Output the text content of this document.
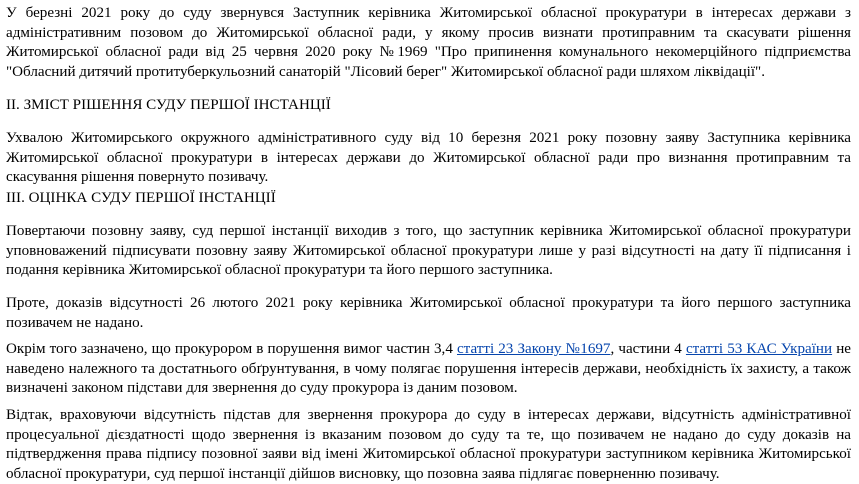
У березні 2021 року до суду звернувся Заступник керівника Житомирської обласної прокуратури в інтересах держави з адміністративним позовом до Житомирської обласної ради, у якому просив визнати протиправним та скасувати рішення Житомирської обласної ради від 25 червня 2020 року №1969 "Про припинення комунального некомерційного підприємства "Обласний дитячий протитуберкульозний санаторій "Лісовий берег" Житомирської обласної ради шляхом ліквідації".

II. ЗМІСТ РІШЕННЯ СУДУ ПЕРШОЇ ІНСТАНЦІЇ

Ухвалою Житомирського окружного адміністративного суду від 10 березня 2021 року позовну заяву Заступника керівника Житомирської обласної прокуратури в інтересах держави до Житомирської обласної ради про визнання протиправним та скасування рішення повернуто позивачу.

III. ОЦІНКА СУДУ ПЕРШОЇ ІНСТАНЦІЇ

Повертаючи позовну заяву, суд першої інстанції виходив з того, що заступник керівника Житомирської обласної прокуратури уповноважений підписувати позовну заяву Житомирської обласної прокуратури лише у разі відсутності на дату її підписання і подання керівника Житомирської обласної прокуратури та його першого заступника.

Проте, доказів відсутності 26 лютого 2021 року керівника Житомирської обласної прокуратури та його першого заступника позивачем не надано.

Окрім того зазначено, що прокурором в порушення вимог частин 3,4 статті 23 Закону №1697, частини 4 статті 53 КАС України не наведено належного та достатнього обґрунтування, в чому полягає порушення інтересів держави, необхідність їх захисту, а також визначені законом підстави для звернення до суду прокурора із даним позовом.

Відтак, враховуючи відсутність підстав для звернення прокурора до суду в інтересах держави, відсутність адміністративної процесуальної дієздатності щодо звернення із вказаним позовом до суду та те, що позивачем не надано до суду доказів на підтвердження права підпису позовної заяви від імені Житомирської обласної прокуратури заступником керівника Житомирської обласної прокуратури, суд першої інстанції дійшов висновку, що позовна заява підлягає поверненню позивачу.
